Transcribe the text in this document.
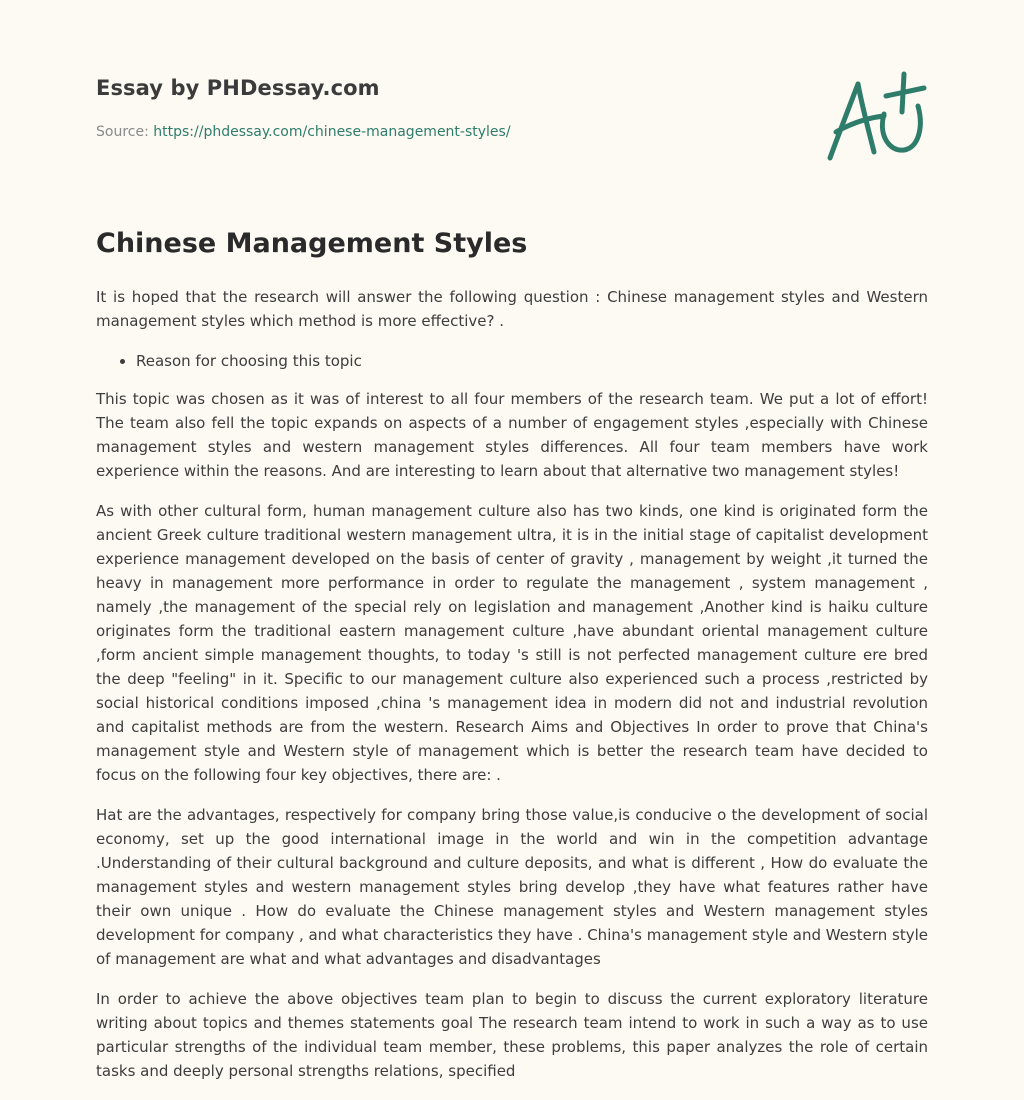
Essay by PHDessay.com
Source: https://phdessay.com/chinese-management-styles/
Chinese Management Styles

It is hoped that the research will answer the following question : Chinese management styles and Western management styles which method is more effective? .

• Reason for choosing this topic

This topic was chosen as it was of interest to all four members of the research team. We put a lot of effort! The team also fell the topic expands on aspects of a number of engagement styles ,especially with Chinese management styles and western management styles differences. All four team members have work experience within the reasons. And are interesting to learn about that alternative two management styles!

As with other cultural form, human management culture also has two kinds, one kind is originated form the ancient Greek culture traditional western management ultra, it is in the initial stage of capitalist development experience management developed on the basis of center of gravity , management by weight ,it turned the heavy in management more performance in order to regulate the management , system management , namely ,the management of the special rely on legislation and management ,Another kind is haiku culture originates form the traditional eastern management culture ,have abundant oriental management culture ,form ancient simple management thoughts, to today 's still is not perfected management culture ere bred the deep "feeling" in it. Specific to our management culture also experienced such a process ,restricted by social historical conditions imposed ,china 's management idea in modern did not and industrial revolution and capitalist methods are from the western. Research Aims and Objectives In order to prove that China's management style and Western style of management which is better the research team have decided to focus on the following four key objectives, there are: .

Hat are the advantages, respectively for company bring those value,is conducive o the development of social economy, set up the good international image in the world and win in the competition advantage .Understanding of their cultural background and culture deposits, and what is different , How do evaluate the management styles and western management styles bring develop ,they have what features rather have their own unique . How do evaluate the Chinese management styles and Western management styles development for company , and what characteristics they have . China's management style and Western style of management are what and what advantages and disadvantages

In order to achieve the above objectives team plan to begin to discuss the current exploratory literature writing about topics and themes statements goal The research team intend to work in such a way as to use particular strengths of the individual team member, these problems, this paper analyzes the role of certain tasks and deeply personal strengths relations, specified
